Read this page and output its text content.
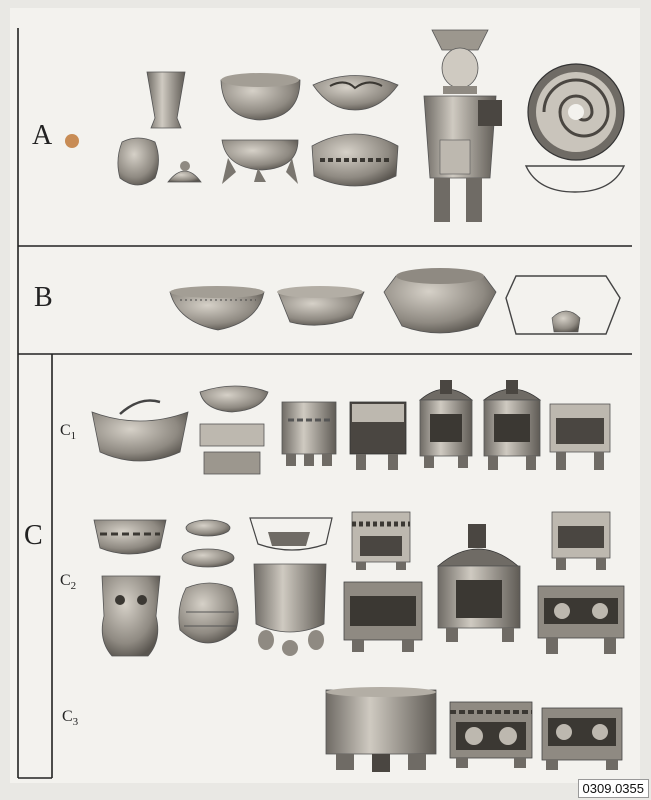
A
B
C
$C_1$
$C_2$
$C_3$
0309.0355
